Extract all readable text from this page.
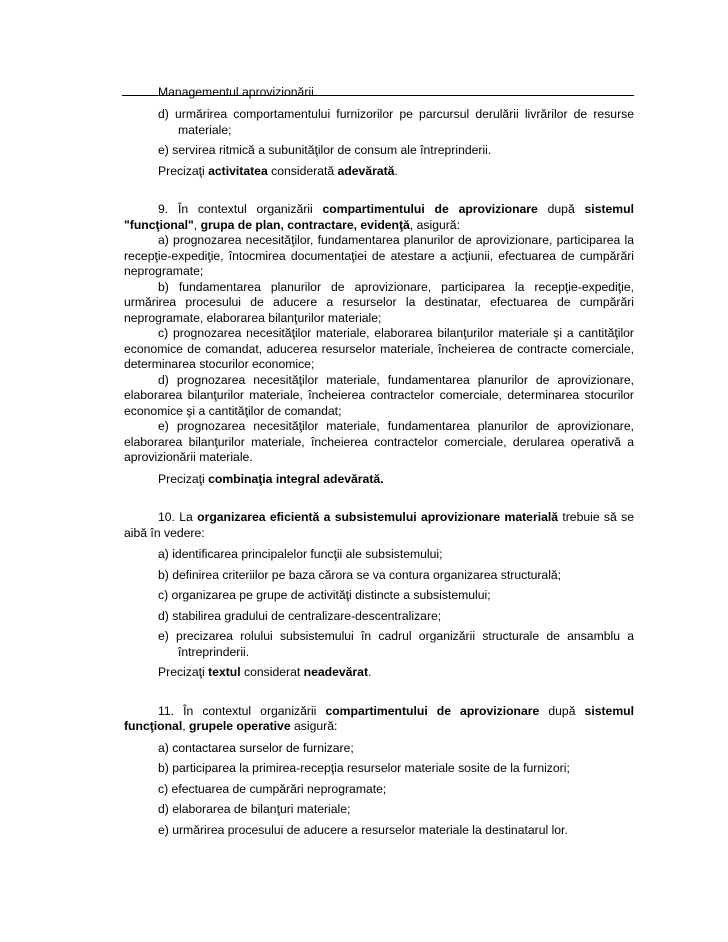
Managementul aprovizionării

d) urmărirea comportamentului furnizorilor pe parcursul derulării livrărilor de resurse materiale;

e) servirea ritmică a subunităţilor de consum ale întreprinderii.

Precizaţi activitatea considerată adevărată.

9. În contextul organizării compartimentului de aprovizionare după sistemul "funcţional", grupa de plan, contractare, evidenţă, asigură:

a) prognozarea necesităţilor, fundamentarea planurilor de aprovizionare, participarea la recepţie-expediţie, întocmirea documentaţiei de atestare a acţiunii, efectuarea de cumpărări neprogramate;

b) fundamentarea planurilor de aprovizionare, participarea la recepţie-expediţie, urmărirea procesului de aducere a resurselor la destinatar, efectuarea de cumpărări neprogramate, elaborarea bilanţurilor materiale;

c) prognozarea necesităţilor materiale, elaborarea bilanţurilor materiale şi a cantităţilor economice de comandat, aducerea resurselor materiale, încheierea de contracte comerciale, determinarea stocurilor economice;

d) prognozarea necesităţilor materiale, fundamentarea planurilor de aprovizionare, elaborarea bilanţurilor materiale, încheierea contractelor comerciale, determinarea stocurilor economice şi a cantităţilor de comandat;

e) prognozarea necesităţilor materiale, fundamentarea planurilor de aprovizionare, elaborarea bilanţurilor materiale, încheierea contractelor comerciale, derularea operativă a aprovizionării materiale.

Precizaţi combinaţia integral adevărată.

10. La organizarea eficientă a subsistemului aprovizionare materială trebuie să se aibă în vedere:

a) identificarea principalelor funcţii ale subsistemului;

b) definirea criteriilor pe baza cărora se va contura organizarea structurală;

c) organizarea pe grupe de activităţi distincte a subsistemului;

d) stabilirea gradului de centralizare-descentralizare;

e) precizarea rolului subsistemului în cadrul organizării structurale de ansamblu a întreprinderii.

Precizaţi textul considerat neadevărat.

11. În contextul organizării compartimentului de aprovizionare după sistemul funcţional, grupele operative asigură:

a) contactarea surselor de furnizare;

b) participarea la primirea-recepţia resurselor materiale sosite de la furnizori;

c) efectuarea de cumpărări neprogramate;

d) elaborarea de bilanţuri materiale;

e) urmărirea procesului de aducere a resurselor materiale la destinatarul lor.
